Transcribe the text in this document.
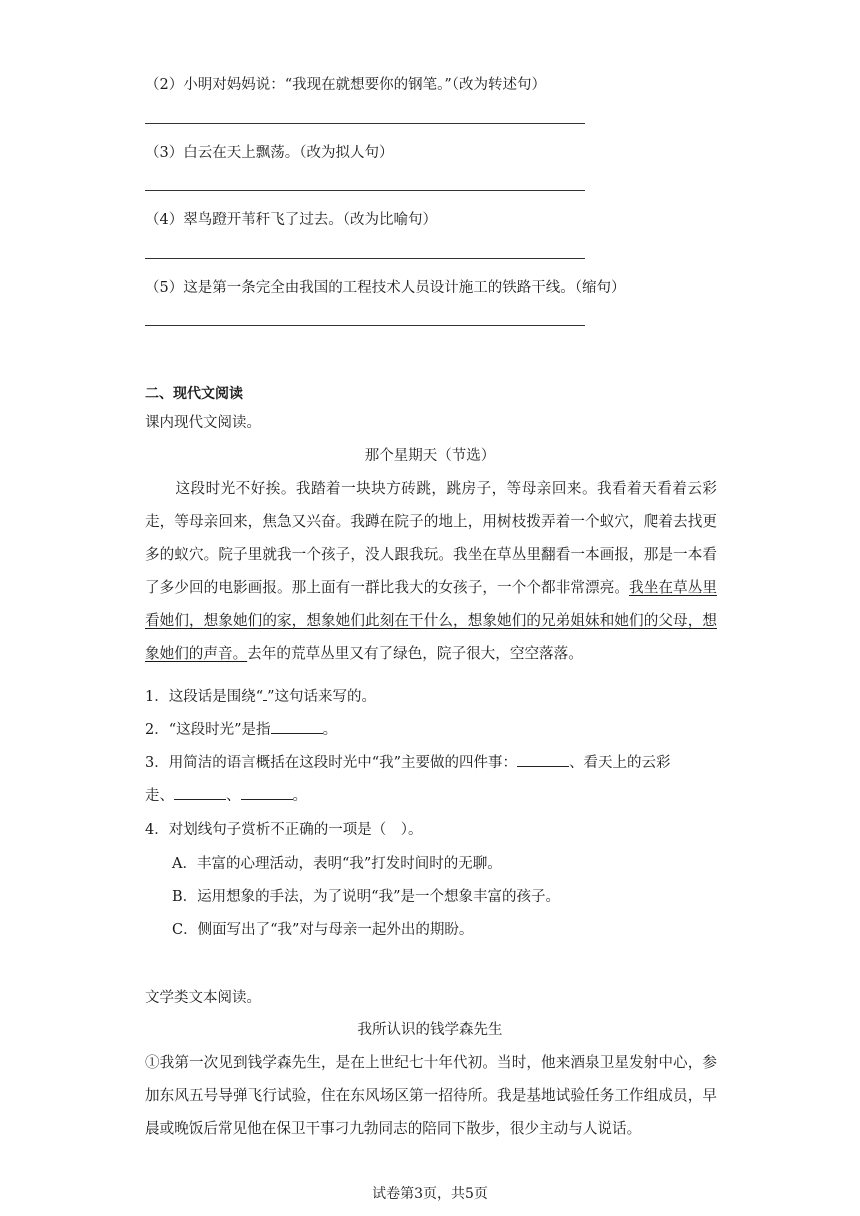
（2）小明对妈妈说：“我现在就想要你的钢笔。”（改为转述句）
（3）白云在天上飘荡。（改为拟人句）
（4）翠鸟蹬开苇秆飞了过去。（改为比喻句）
（5）这是第一条完全由我国的工程技术人员设计施工的铁路干线。（缩句）
二、现代文阅读
课内现代文阅读。
那个星期天（节选）
这段时光不好挨。我踏着一块块方砖跳，跳房子，等母亲回来。我看着天看着云彩走，等母亲回来，焦急又兴奋。我蹲在院子的地上，用树枝拨弄着一个蚁穴，爬着去找更多的蚁穴。院子里就我一个孩子，没人跟我玩。我坐在草丛里翻看一本画报，那是一本看了多少回的电影画报。那上面有一群比我大的女孩子，一个个都非常漂亮。我坐在草丛里看她们，想象她们的家，想象她们此刻在干什么，想象她们的兄弟姐妹和她们的父母，想象她们的声音。去年的荒草丛里又有了绿色，院子很大，空空落落。
1．这段话是围绕“ ”这句话来写的。
2．“这段时光”是指	。
3．用简洁的语言概括在这段时光中“我”主要做的四件事：	、看天上的云彩
走、	、	。
4．对划线句子赏析不正确的一项是（　）。
A．丰富的心理活动，表明“我”打发时间时的无聊。
B．运用想象的手法，为了说明“我”是一个想象丰富的孩子。
C．侧面写出了“我”对与母亲一起外出的期盼。
文学类文本阅读。
我所认识的钱学森先生
①我第一次见到钱学森先生，是在上世纪七十年代初。当时，他来酒泉卫星发射中心，参加东风五号导弹飞行试验，住在东风场区第一招待所。我是基地试验任务工作组成员，早晨或晚饭后常见他在保卫干事刁九勃同志的陪同下散步，很少主动与人说话。
试卷第3页，共5页
